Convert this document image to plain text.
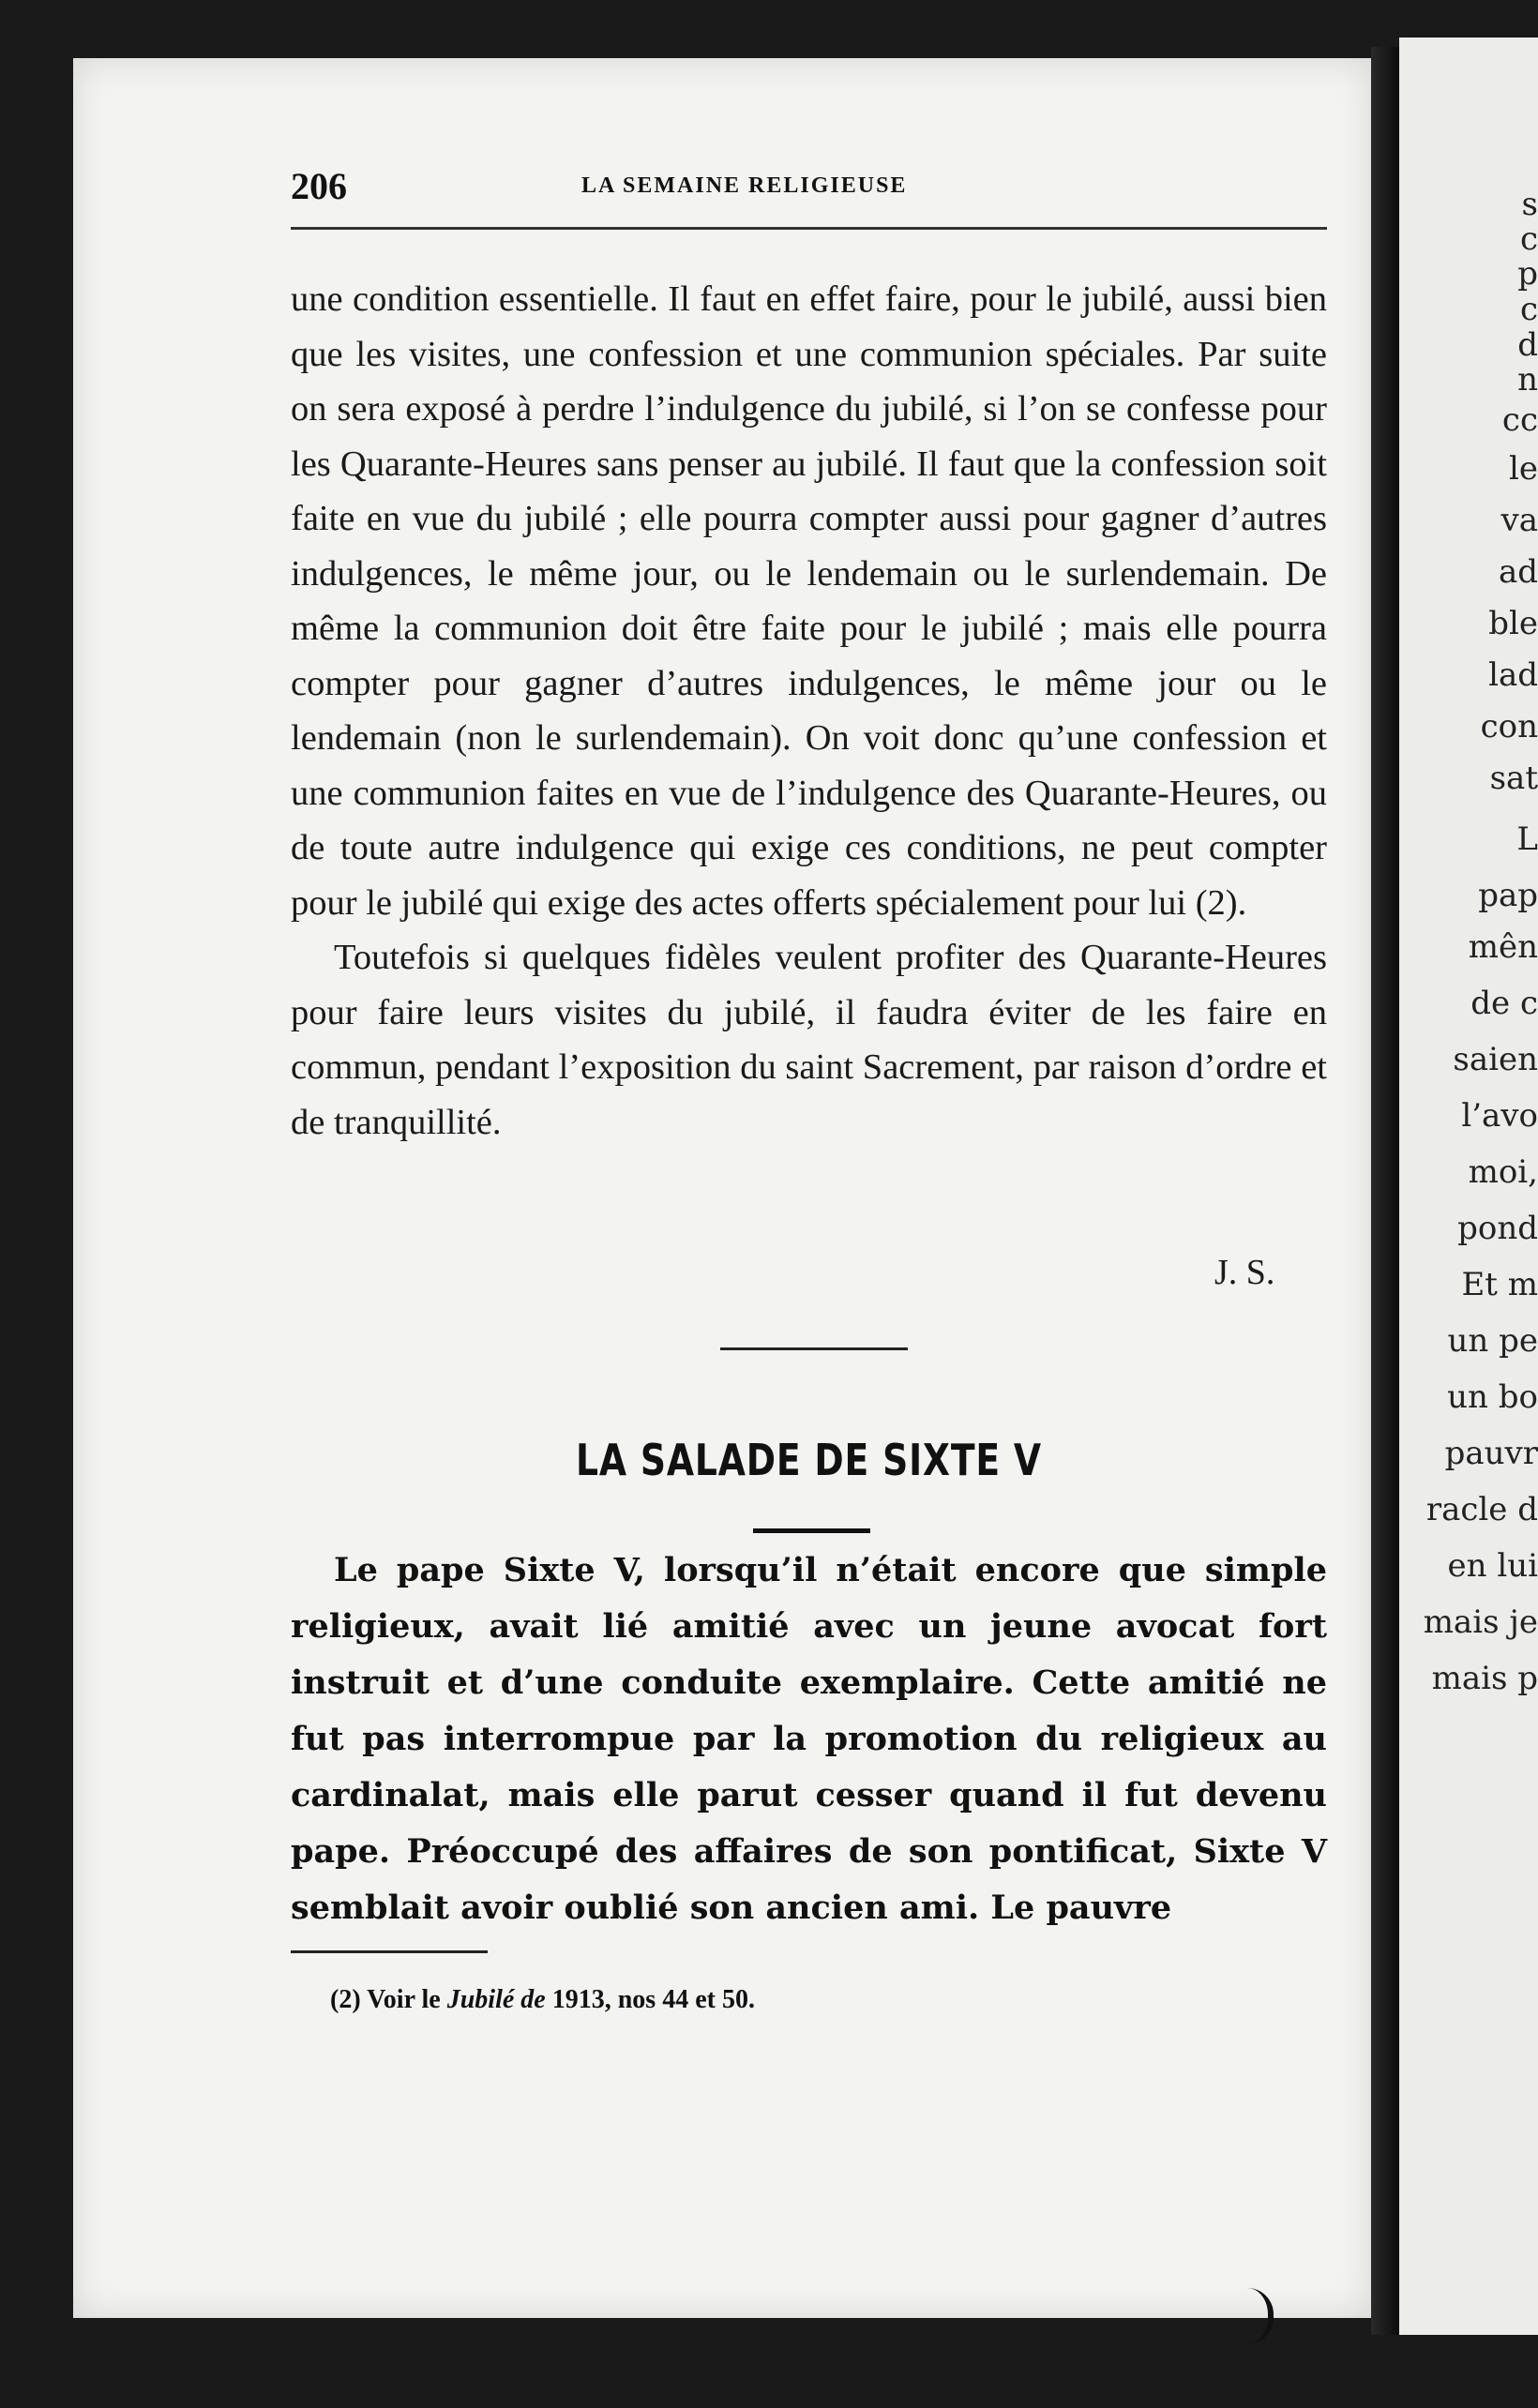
s
c
p
c
d
n
cc
le
va
ad
ble
lad
con
sat
L
pap
mên
de c
saien
l’avo
moi,
pond
Et m
un pe
un bo
pauvr
racle d
en lui
mais je
mais p
206	LA SEMAINE RELIGIEUSE

une condition essentielle. Il faut en effet faire, pour le jubilé, aussi bien que les visites, une confession et une communion spéciales. Par suite on sera exposé à perdre l’indulgence du jubilé, si l’on se confesse pour les Quarante-Heures sans penser au jubilé. Il faut que la confession soit faite en vue du jubilé ; elle pourra compter aussi pour gagner d’autres indulgences, le même jour, ou le lendemain ou le surlendemain. De même la communion doit être faite pour le jubilé ; mais elle pourra compter pour gagner d’autres indulgences, le même jour ou le lendemain (non le surlendemain). On voit donc qu’une confession et une communion faites en vue de l’indulgence des Quarante-Heures, ou de toute autre indulgence qui exige ces conditions, ne peut compter pour le jubilé qui exige des actes offerts spécialement pour lui (2).

Toutefois si quelques fidèles veulent profiter des Quarante-Heures pour faire leurs visites du jubilé, il faudra éviter de les faire en commun, pendant l’exposition du saint Sacrement, par raison d’ordre et de tranquillité.

J. S.
LA SALADE DE SIXTE V

Le pape Sixte V, lorsqu’il n’était encore que simple religieux, avait lié amitié avec un jeune avocat fort instruit et d’une conduite exemplaire. Cette amitié ne fut pas interrompue par la promotion du religieux au cardinalat, mais elle parut cesser quand il fut devenu pape. Préoccupé des affaires de son pontificat, Sixte V semblait avoir oublié son ancien ami. Le pauvre

(2) Voir le Jubilé de 1913, nos 44 et 50.
